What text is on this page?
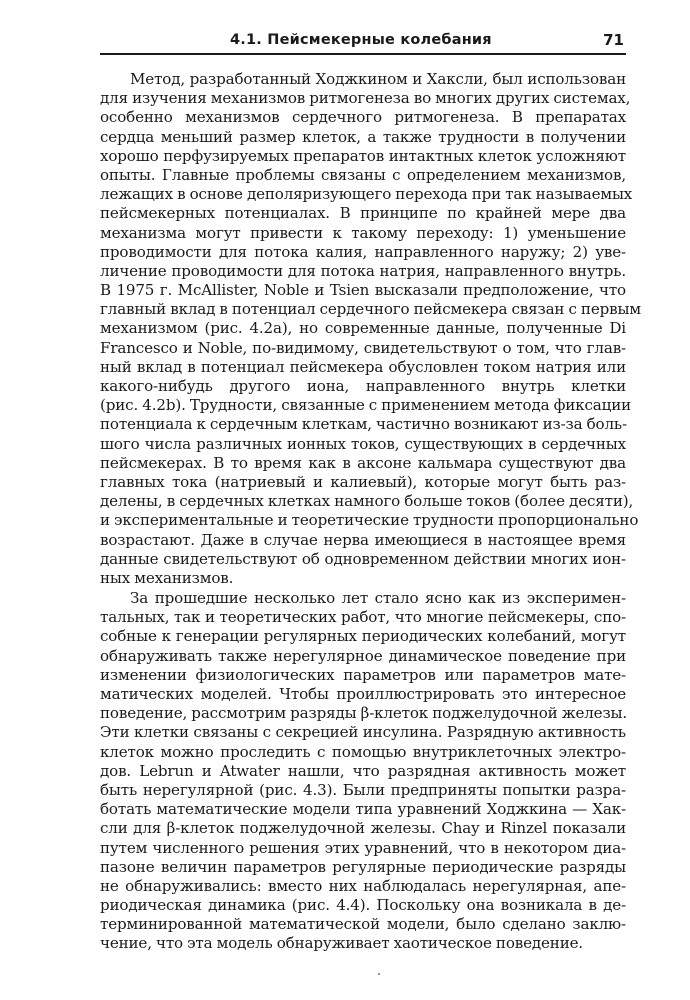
4.1. Пейсмекерные колебания	71
Метод, разработанный Ходжкином и Хаксли, был использован
для изучения механизмов ритмогенеза во многих других системах,
особенно механизмов сердечного ритмогенеза. В препаратах
сердца меньший размер клеток, а также трудности в получении
хорошо перфузируемых препаратов интактных клеток усложняют
опыты. Главные проблемы связаны с определением механизмов,
лежащих в основе деполяризующего перехода при так называемых
пейсмекерных потенциалах. В принципе по крайней мере два
механизма могут привести к такому переходу: 1) уменьшение
проводимости для потока калия, направленного наружу; 2) уве-
личение проводимости для потока натрия, направленного внутрь.
В 1975 г. McAllister, Noble и Tsien высказали предположение, что
главный вклад в потенциал сердечного пейсмекера связан с первым
механизмом (рис. 4.2а), но современные данные, полученные Di
Francesco и Noble, по-видимому, свидетельствуют о том, что глав-
ный вклад в потенциал пейсмекера обусловлен током натрия или
какого-нибудь другого иона, направленного внутрь клетки
(рис. 4.2b). Трудности, связанные с применением метода фиксации
потенциала к сердечным клеткам, частично возникают из-за боль-
шого числа различных ионных токов, существующих в сердечных
пейсмекерах. В то время как в аксоне кальмара существуют два
главных тока (натриевый и калиевый), которые могут быть раз-
делены, в сердечных клетках намного больше токов (более десяти),
и экспериментальные и теоретические трудности пропорционально
возрастают. Даже в случае нерва имеющиеся в настоящее время
данные свидетельствуют об одновременном действии многих ион-
ных механизмов.
За прошедшие несколько лет стало ясно как из эксперимен-
тальных, так и теоретических работ, что многие пейсмекеры, спо-
собные к генерации регулярных периодических колебаний, могут
обнаруживать также нерегулярное динамическое поведение при
изменении физиологических параметров или параметров мате-
матических моделей. Чтобы проиллюстрировать это интересное
поведение, рассмотрим разряды β-клеток поджелудочной железы.
Эти клетки связаны с секрецией инсулина. Разрядную активность
клеток можно проследить с помощью внутриклеточных электро-
дов. Lebrun и Atwater нашли, что разрядная активность может
быть нерегулярной (рис. 4.3). Были предприняты попытки разра-
ботать математические модели типа уравнений Ходжкина — Хак-
сли для β-клеток поджелудочной железы. Chay и Rinzel показали
путем численного решения этих уравнений, что в некотором диа-
пазоне величин параметров регулярные периодические разряды
не обнаруживались: вместо них наблюдалась нерегулярная, апе-
риодическая динамика (рис. 4.4). Поскольку она возникала в де-
терминированной математической модели, было сделано заклю-
чение, что эта модель обнаруживает хаотическое поведение.
